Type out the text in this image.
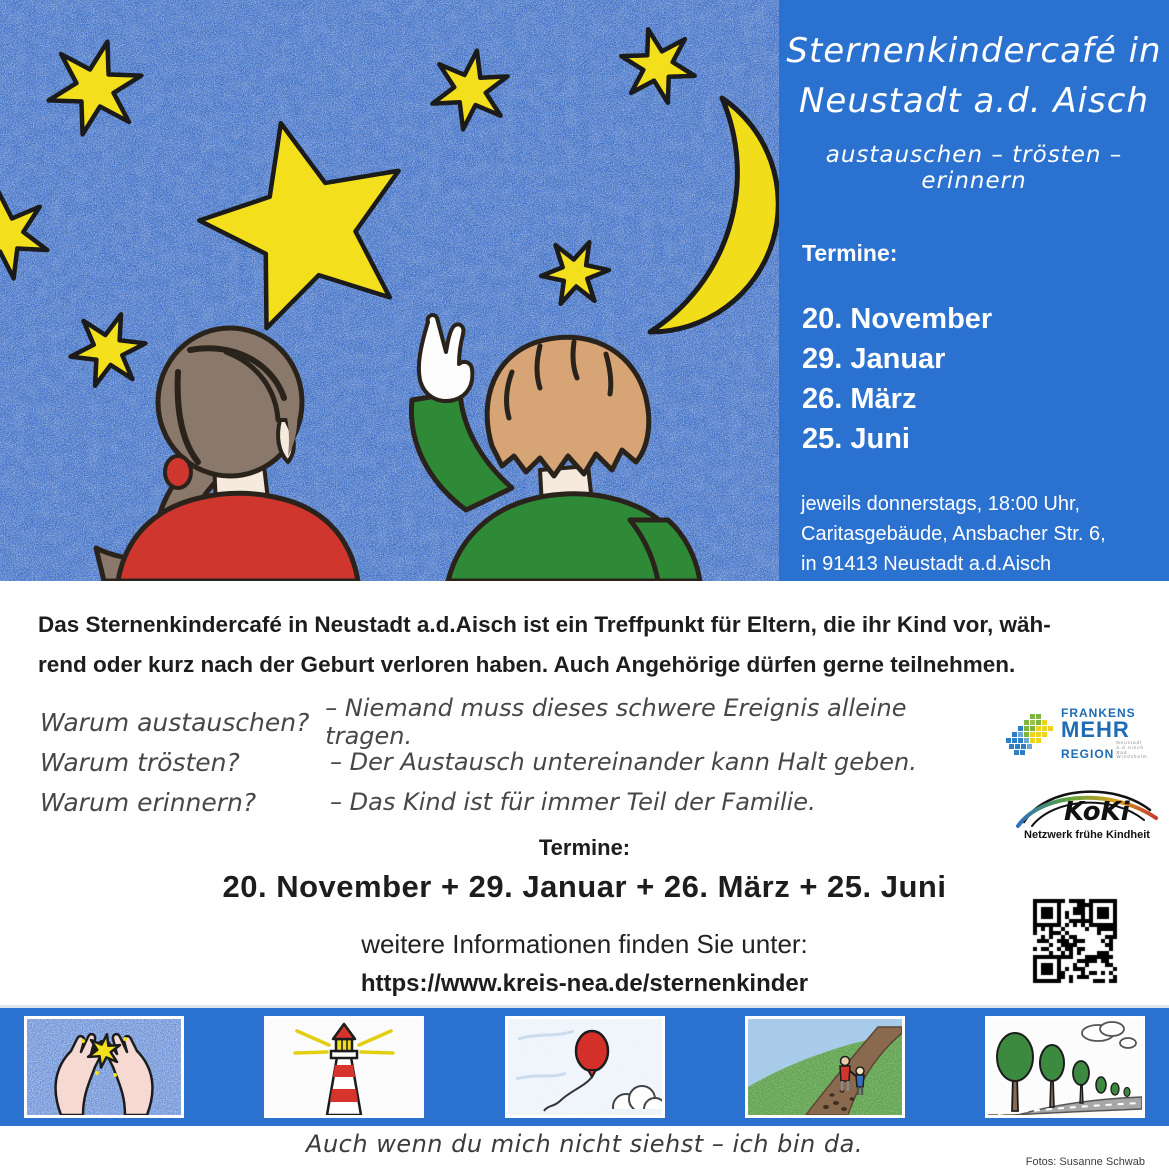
Sternenkindercafé in
Neustadt a.d. Aisch
austauschen – trösten – erinnern
Termine:
20. November
29. Januar
26. März
25. Juni
jeweils donnerstags, 18:00 Uhr,
Caritasgebäude, Ansbacher Str. 6,
in 91413 Neustadt a.d.Aisch
Das Sternenkindercafé in Neustadt a.d.Aisch ist ein Treffpunkt für Eltern, die ihr Kind vor, wäh-
rend oder kurz nach der Geburt verloren haben. Auch Angehörige dürfen gerne teilnehmen.
Warum austauschen? – Niemand muss dieses schwere Ereignis alleine tragen.
Warum trösten?	– Der Austausch untereinander kann Halt geben.
Warum erinnern?	– Das Kind ist für immer Teil der Familie.
FRANKENS
MEHR
REGION
Neustadt a.d.Aisch Bad Windsheim
KoKi
Netzwerk frühe Kindheit
Termine:
20. November + 29. Januar + 26. März + 25. Juni
weitere Informationen finden Sie unter:
https://www.kreis-nea.de/sternenkinder
Auch wenn du mich nicht siehst – ich bin da.
Fotos: Susanne Schwab
